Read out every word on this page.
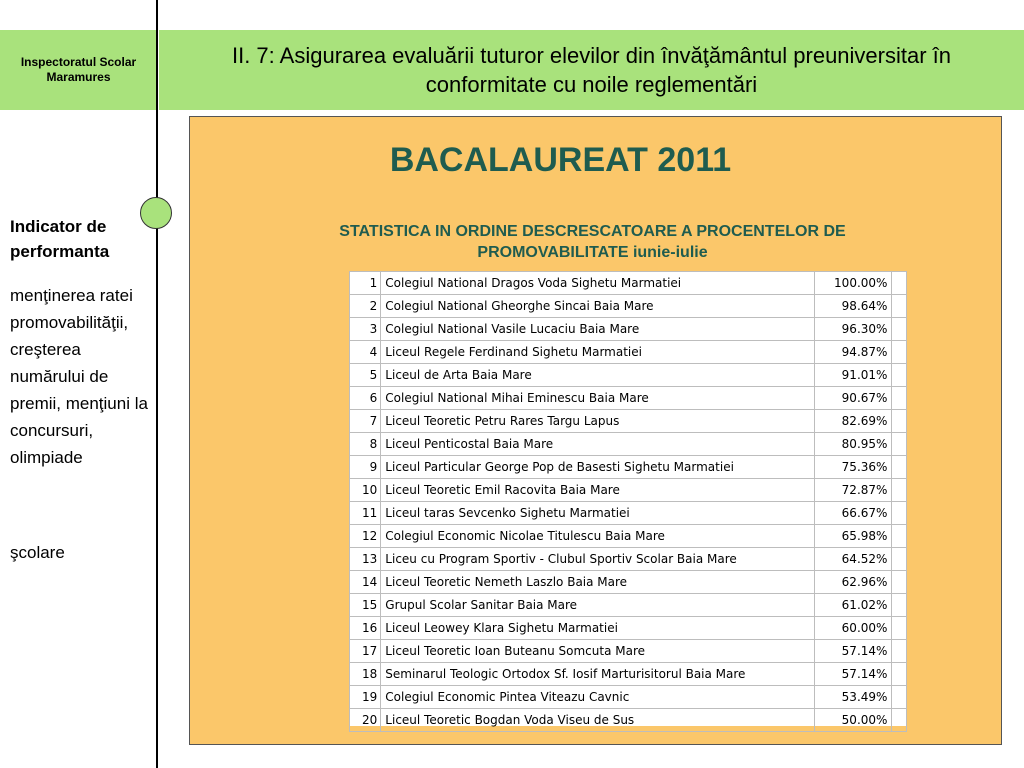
Inspectoratul Scolar Maramures
II. 7: Asigurarea evaluării tuturor elevilor din învăţământul preuniversitar în conformitate cu noile reglementări
Indicator de performanta
menţinerea ratei promovabilităţii, creşterea numărului de premii, menţiuni la concursuri, olimpiade
şcolare
BACALAUREAT 2011
STATISTICA IN ORDINE DESCRESCATOARE A PROCENTELOR DE PROMOVABILITATE iunie-iulie
1	Colegiul National Dragos Voda Sighetu Marmatiei	100.00%	
2	Colegiul National Gheorghe Sincai Baia Mare	98.64%	
3	Colegiul National Vasile Lucaciu Baia Mare	96.30%	
4	Liceul Regele Ferdinand Sighetu Marmatiei	94.87%	
5	Liceul de Arta Baia Mare	91.01%	
6	Colegiul National Mihai Eminescu Baia Mare	90.67%	
7	Liceul Teoretic Petru Rares Targu Lapus	82.69%	
8	Liceul Penticostal Baia Mare	80.95%	
9	Liceul Particular George Pop de Basesti Sighetu Marmatiei	75.36%	
10	Liceul Teoretic Emil Racovita Baia Mare	72.87%	
11	Liceul taras Sevcenko Sighetu Marmatiei	66.67%	
12	Colegiul Economic Nicolae Titulescu Baia Mare	65.98%	
13	Liceu cu Program Sportiv - Clubul Sportiv Scolar Baia Mare	64.52%	
14	Liceul Teoretic Nemeth Laszlo Baia Mare	62.96%	
15	Grupul Scolar Sanitar Baia Mare	61.02%	
16	Liceul Leowey Klara Sighetu Marmatiei	60.00%	
17	Liceul Teoretic Ioan Buteanu Somcuta Mare	57.14%	
18	Seminarul Teologic Ortodox Sf. Iosif Marturisitorul Baia Mare	57.14%	
19	Colegiul Economic Pintea Viteazu Cavnic	53.49%	
20	Liceul Teoretic Bogdan Voda Viseu de Sus	50.00%	
